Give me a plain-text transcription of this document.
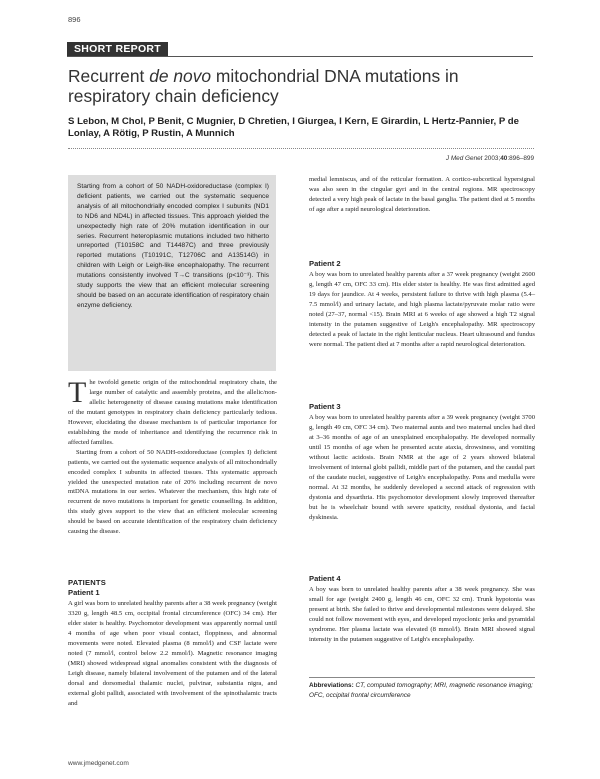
896
SHORT REPORT
Recurrent de novo mitochondrial DNA mutations in respiratory chain deficiency
S Lebon, M Chol, P Benit, C Mugnier, D Chretien, I Giurgea, I Kern, E Girardin, L Hertz-Pannier, P de Lonlay, A Rötig, P Rustin, A Munnich
J Med Genet 2003;40:896–899
Starting from a cohort of 50 NADH-oxidoreductase (complex I) deficient patients, we carried out the systematic sequence analysis of all mitochondrially encoded complex I subunits (ND1 to ND6 and ND4L) in affected tissues. This approach yielded the unexpectedly high rate of 20% mutation identification in our series. Recurrent heteroplasmic mutations included two hitherto unreported (T10158C and T14487C) and three previously reported mutations (T10191C, T12706C and A13514G) in children with Leigh or Leigh-like encephalopathy. The recurrent mutations consistently involved T→C transitions (p<10⁻³). This study supports the view that an efficient molecular screening should be based on an accurate identification of respiratory chain enzyme deficiency.

The twofold genetic origin of the mitochondrial respiratory chain, the large number of catalytic and assembly proteins, and the allelic/non-allelic heterogeneity of disease causing mutations make identification of the mutant genotypes in respiratory chain deficiency particularly tedious. However, elucidating the disease mechanism is of particular importance for establishing the mode of inheritance and identifying the recurrence risk in affected families.

Starting from a cohort of 50 NADH-oxidoreductase (complex I) deficient patients, we carried out the systematic sequence analysis of all mitochondrially encoded complex I subunits in affected tissues. This systematic approach yielded the unexpected mutation rate of 20% including recurrent de novo mtDNA mutations in our series. Whatever the mechanism, this high rate of recurrent de novo mutations is important for genetic counselling. In addition, this study gives support to the view that an efficient molecular screening should be based on accurate identification of the respiratory chain deficiency causing the disease.

PATIENTS
Patient 1
A girl was born to unrelated healthy parents after a 38 week pregnancy (weight 3320 g, length 48.5 cm, occipital frontal circumference (OFC) 34 cm). Her elder sister is healthy. Psychomotor development was apparently normal until 4 months of age when poor visual contact, floppiness, and abnormal movements were noted. Elevated plasma (8 mmol/l) and CSF lactate were noted (7 mmol/l, control below 2.2 mmol/l). Magnetic resonance imaging (MRI) showed widespread signal anomalies consistent with the diagnosis of Leigh disease, namely bilateral involvement of the putamen and of the lateral dorsal and dorsomedial thalamic nuclei, pulvinar, substantia nigra, and external globi pallidi, associated with involvement of the spinothalamic tracts and
medial lemniscus, and of the reticular formation. A cortico-subcortical hypersignal was also seen in the cingular gyri and in the central regions. MR spectroscopy detected a very high peak of lactate in the basal ganglia. The patient died at 5 months of age after a rapid neurological deterioration.
Patient 2
A boy was born to unrelated healthy parents after a 37 week pregnancy (weight 2600 g, length 47 cm, OFC 33 cm). His elder sister is healthy. He was first admitted aged 19 days for jaundice. At 4 weeks, persistent failure to thrive with high plasma (5.4–7.5 mmol/l) and urinary lactate, and high plasma lactate/pyruvate molar ratio were noted (27–37, normal <15). Brain MRI at 6 weeks of age showed a high T2 signal intensity in the putamen suggestive of Leigh's encephalopathy. MR spectroscopy detected a peak of lactate in the right lenticular nucleus. Heart ultrasound and fundus were normal. The patient died at 7 months after a rapid neurological deterioration.
Patient 3
A boy was born to unrelated healthy parents after a 39 week pregnancy (weight 3700 g, length 49 cm, OFC 34 cm). Two maternal aunts and two maternal uncles had died at 3–36 months of age of an unexplained encephalopathy. He developed normally until 15 months of age when he presented acute ataxia, drowsiness, and vomiting without lactic acidosis. Brain NMR at the age of 2 years showed bilateral involvement of internal globi pallidi, middle part of the putamen, and the caudal part of the caudate nuclei, suggestive of Leigh's encephalopathy. Pons and medulla were normal. At 32 months, he suddenly developed a second attack of regression with dystonia and dysarthria. His psychomotor development slowly improved thereafter but he is wheelchair bound with severe spaticity, residual dystonia, and facial dyskinesia.
Patient 4
A boy was born to unrelated healthy parents after a 38 week pregnancy. She was small for age (weight 2400 g, length 46 cm, OFC 32 cm). Trunk hypotonia was present at birth. She failed to thrive and developmental milestones were delayed. She could not follow movement with eyes, and developed myoclonic jerks and pyramidal syndrome. Her plasma lactate was elevated (8 mmol/l). Brain MRI showed signal intensity in the putamen suggestive of Leigh's encephalopathy.
Abbreviations: CT, computed tomography; MRI, magnetic resonance imaging; OFC, occipital frontal circumference
www.jmedgenet.com
